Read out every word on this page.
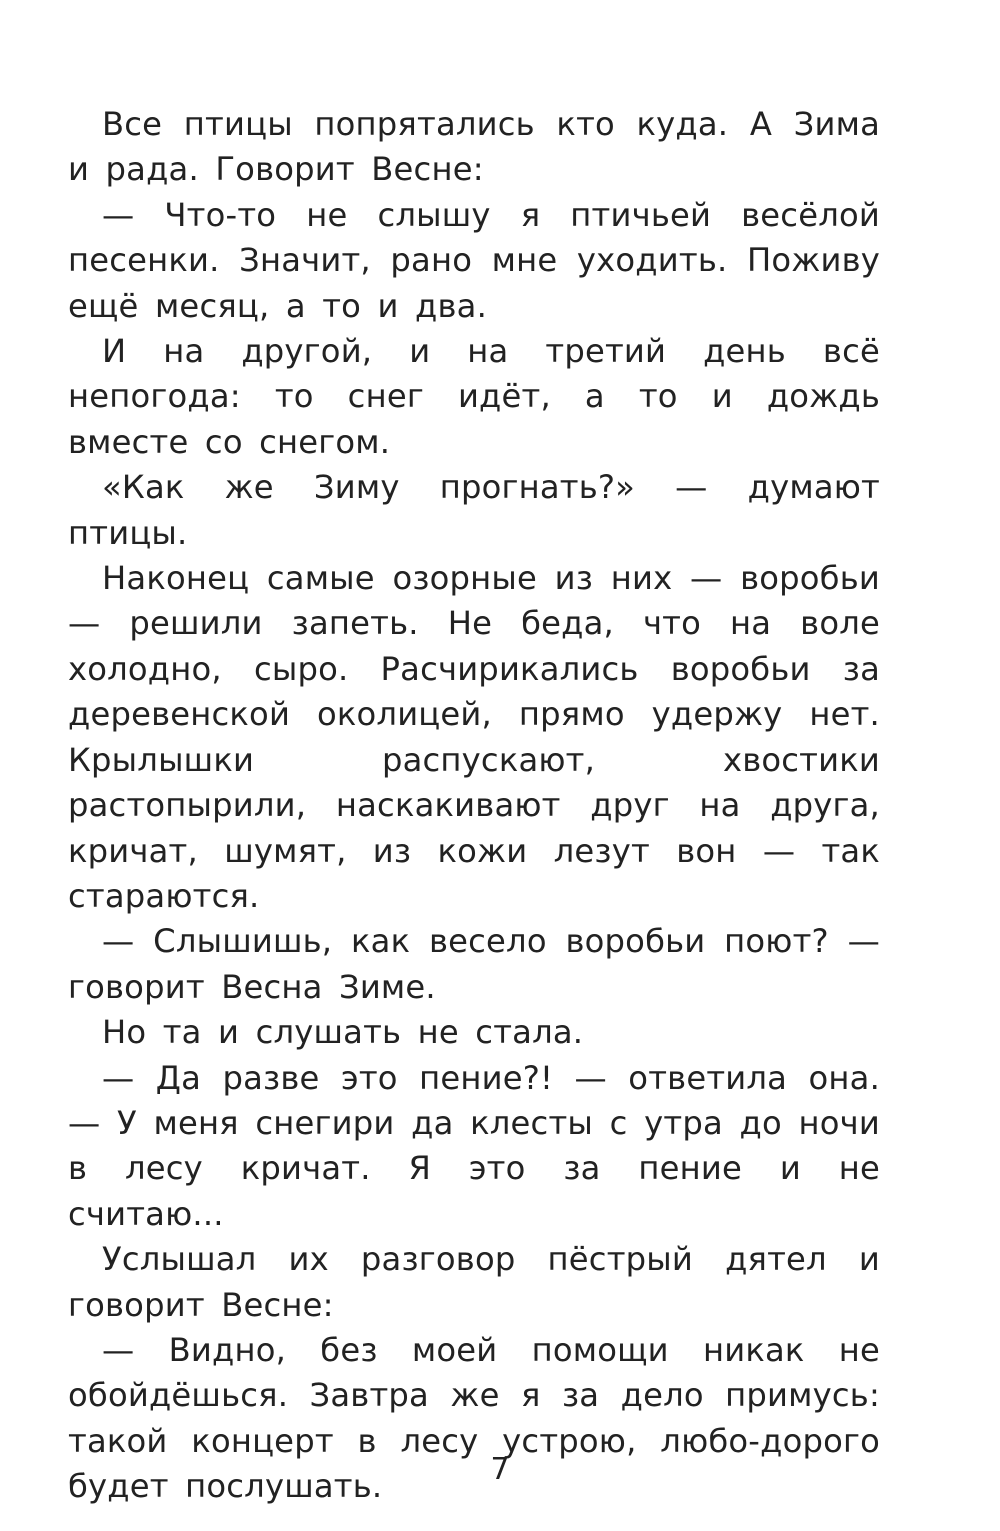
Все птицы попрятались кто куда. А Зима и рада. Говорит Весне:

— Что-то не слышу я птичьей весёлой песенки. Значит, рано мне уходить. Поживу ещё месяц, а то и два.

И на другой, и на третий день всё непогода: то снег идёт, а то и дождь вместе со снегом.

«Как же Зиму прогнать?» — думают птицы.

Наконец самые озорные из них — воробьи — решили запеть. Не беда, что на воле холодно, сыро. Расчирикались воробьи за деревенской околицей, прямо удержу нет. Крылышки распускают, хвостики растопырили, наскакивают друг на друга, кричат, шумят, из кожи лезут вон — так стараются.

— Слышишь, как весело воробьи поют? — говорит Весна Зиме.

Но та и слушать не стала.

— Да разве это пение?! — ответила она. — У меня снегири да клесты с утра до ночи в лесу кричат. Я это за пение и не считаю...

Услышал их разговор пёстрый дятел и говорит Весне:

— Видно, без моей помощи никак не обойдёшься. Завтра же я за дело примусь: такой концерт в лесу устрою, любо-дорого будет послушать.	7
